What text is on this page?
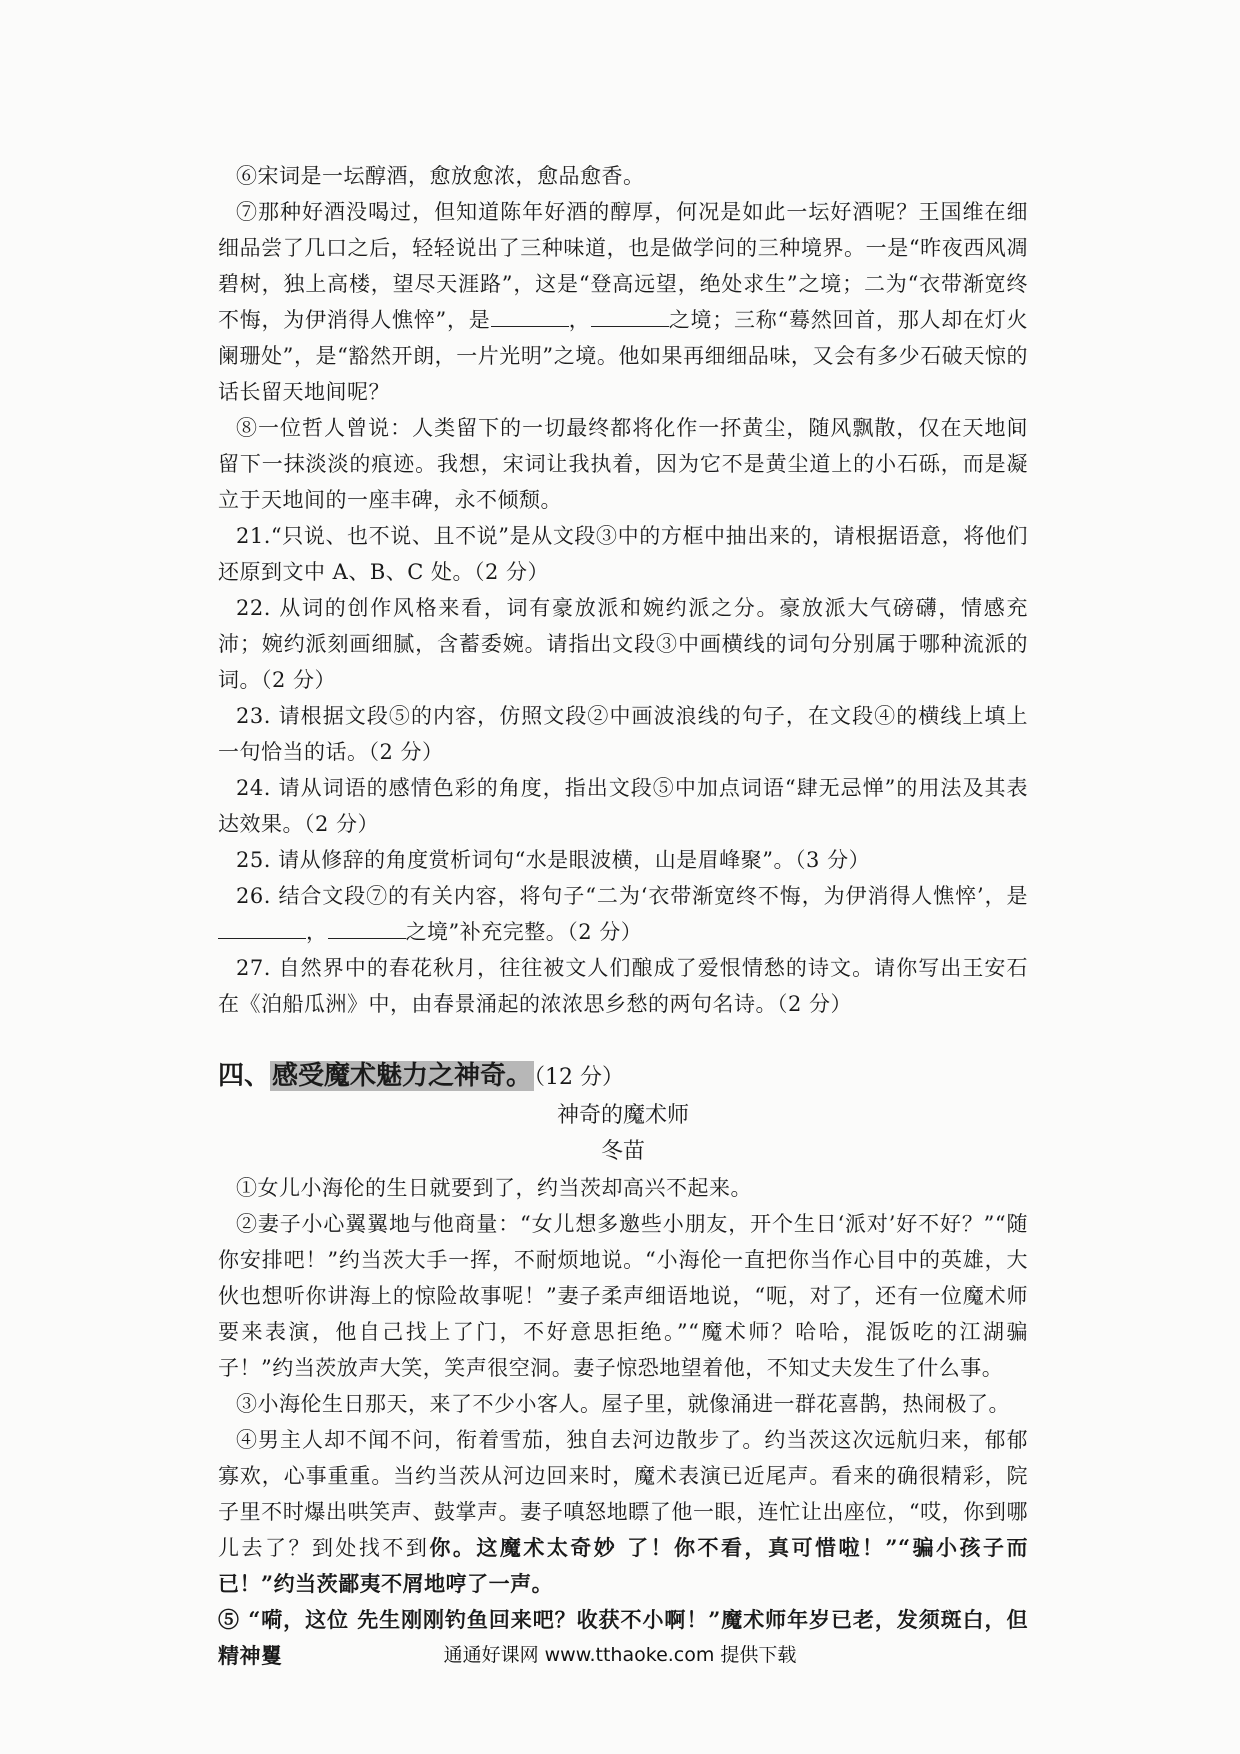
⑥宋词是一坛醇酒，愈放愈浓，愈品愈香。

⑦那种好酒没喝过，但知道陈年好酒的醇厚，何况是如此一坛好酒呢？王国维在细细品尝了几口之后，轻轻说出了三种味道，也是做学问的三种境界。一是“昨夜西风凋碧树，独上高楼，望尽天涯路”，这是“登高远望，绝处求生”之境；二为“衣带渐宽终不悔，为伊消得人憔悴”，是	，	之境；三称“蓦然回首，那人却在灯火阑珊处”，是“豁然开朗，一片光明”之境。他如果再细细品味，又会有多少石破天惊的话长留天地间呢？

⑧一位哲人曾说：人类留下的一切最终都将化作一抔黄尘，随风飘散，仅在天地间留下一抹淡淡的痕迹。我想，宋词让我执着，因为它不是黄尘道上的小石砾，而是凝立于天地间的一座丰碑，永不倾颓。

21.“只说、也不说、且不说”是从文段③中的方框中抽出来的，请根据语意，将他们还原到文中 A、B、C 处。（2 分）

22. 从词的创作风格来看，词有豪放派和婉约派之分。豪放派大气磅礴，情感充沛；婉约派刻画细腻，含蓄委婉。请指出文段③中画横线的词句分别属于哪种流派的词。（2 分）

23. 请根据文段⑤的内容，仿照文段②中画波浪线的句子，在文段④的横线上填上一句恰当的话。（2 分）

24. 请从词语的感情色彩的角度，指出文段⑤中加点词语“肆无忌惮”的用法及其表达效果。（2 分）

25. 请从修辞的角度赏析词句“水是眼波横，山是眉峰聚”。（3 分）

26. 结合文段⑦的有关内容，将句子“二为‘衣带渐宽终不悔，为伊消得人憔悴’，是，	之境”补充完整。（2 分）

27. 自然界中的春花秋月，往往被文人们酿成了爱恨情愁的诗文。请你写出王安石在《泊船瓜洲》中，由春景涌起的浓浓思乡愁的两句名诗。（2 分）

四、感受魔术魅力之神奇。（12 分）

神奇的魔术师

冬苗

①女儿小海伦的生日就要到了，约当茨却高兴不起来。

②妻子小心翼翼地与他商量：“女儿想多邀些小朋友，开个生日‘派对’好不好？”“随你安排吧！”约当茨大手一挥，不耐烦地说。“小海伦一直把你当作心目中的英雄，大伙也想听你讲海上的惊险故事呢！”妻子柔声细语地说，“呃，对了，还有一位魔术师要来表演，他自己找上了门，不好意思拒绝。”“魔术师？哈哈，混饭吃的江湖骗子！”约当茨放声大笑，笑声很空洞。妻子惊恐地望着他，不知丈夫发生了什么事。

③小海伦生日那天，来了不少小客人。屋子里，就像涌进一群花喜鹊，热闹极了。

④男主人却不闻不问，衔着雪茄，独自去河边散步了。约当茨这次远航归来，郁郁寡欢，心事重重。当约当茨从河边回来时，魔术表演已近尾声。看来的确很精彩，院子里不时爆出哄笑声、鼓掌声。妻子嗔怒地瞟了他一眼，连忙让出座位，“哎，你到哪儿去了？到处找不到你。这魔术太奇妙 了！你不看，真可惜啦！”“骗小孩子而已！”约当茨鄙夷不屑地哼了一声。

⑤ “嗬，这位 先生刚刚钓鱼回来吧？收获不小啊！”魔术师年岁已老，发须斑白，但精神矍	通通好课网 www.tthaoke.com 提供下载
